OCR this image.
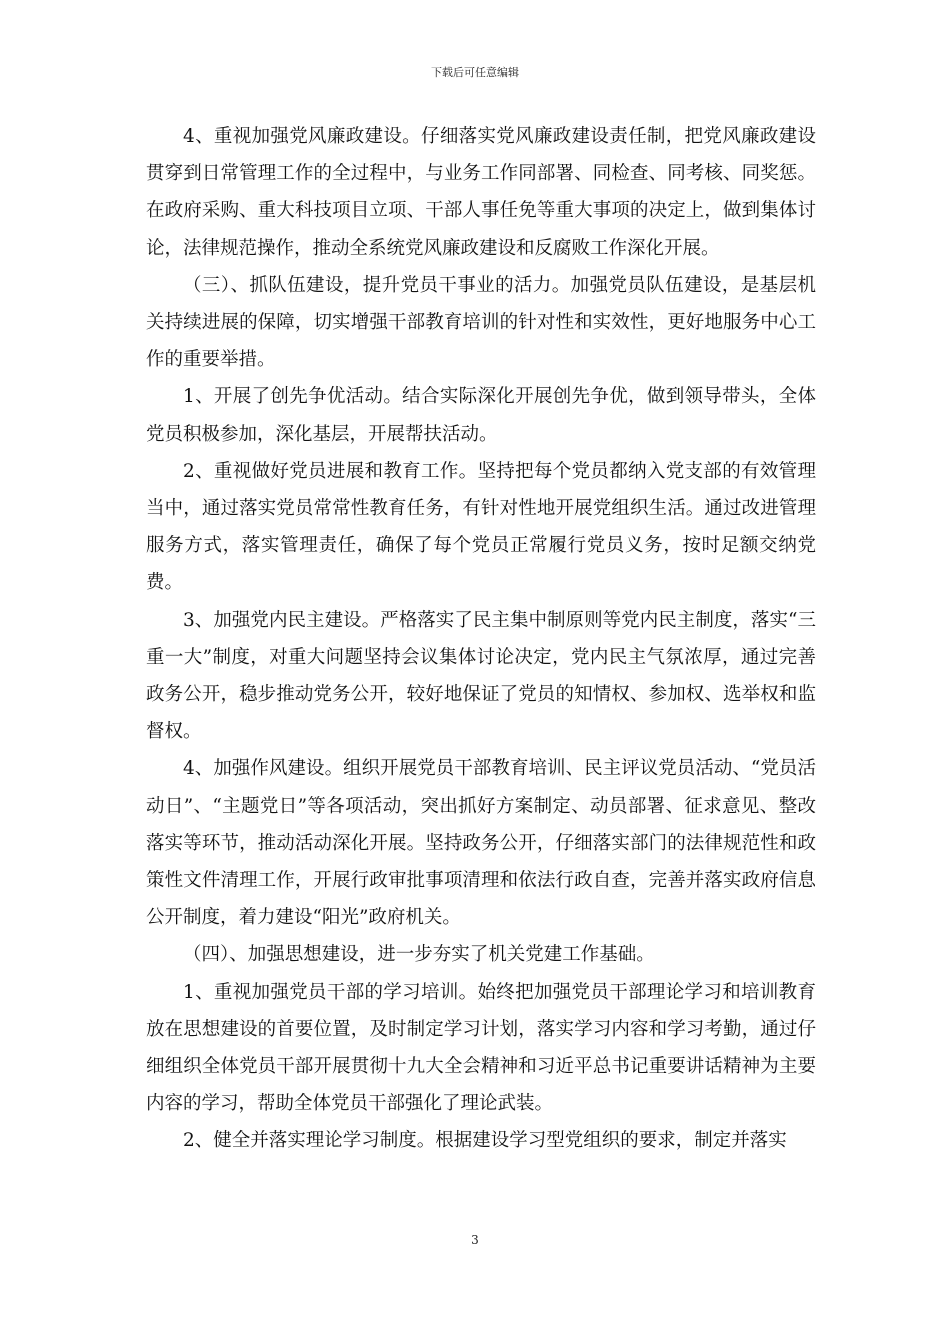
下载后可任意编辑

4、重视加强党风廉政建设。仔细落实党风廉政建设责任制，把党风廉政建设贯穿到日常管理工作的全过程中，与业务工作同部署、同检查、同考核、同奖惩。在政府采购、重大科技项目立项、干部人事任免等重大事项的决定上，做到集体讨论，法律规范操作，推动全系统党风廉政建设和反腐败工作深化开展。

（三）、抓队伍建设，提升党员干事业的活力。加强党员队伍建设，是基层机关持续进展的保障，切实增强干部教育培训的针对性和实效性，更好地服务中心工作的重要举措。

1、开展了创先争优活动。结合实际深化开展创先争优，做到领导带头，全体党员积极参加，深化基层，开展帮扶活动。

2、重视做好党员进展和教育工作。坚持把每个党员都纳入党支部的有效管理当中，通过落实党员常常性教育任务，有针对性地开展党组织生活。通过改进管理服务方式，落实管理责任，确保了每个党员正常履行党员义务，按时足额交纳党费。

3、加强党内民主建设。严格落实了民主集中制原则等党内民主制度，落实“三重一大”制度，对重大问题坚持会议集体讨论决定，党内民主气氛浓厚，通过完善政务公开，稳步推动党务公开，较好地保证了党员的知情权、参加权、选举权和监督权。

4、加强作风建设。组织开展党员干部教育培训、民主评议党员活动、“党员活动日”、“主题党日”等各项活动，突出抓好方案制定、动员部署、征求意见、整改落实等环节，推动活动深化开展。坚持政务公开，仔细落实部门的法律规范性和政策性文件清理工作，开展行政审批事项清理和依法行政自查，完善并落实政府信息公开制度，着力建设“阳光”政府机关。

（四）、加强思想建设，进一步夯实了机关党建工作基础。

1、重视加强党员干部的学习培训。始终把加强党员干部理论学习和培训教育放在思想建设的首要位置，及时制定学习计划，落实学习内容和学习考勤，通过仔细组织全体党员干部开展贯彻十九大全会精神和习近平总书记重要讲话精神为主要内容的学习，帮助全体党员干部强化了理论武装。

2、健全并落实理论学习制度。根据建设学习型党组织的要求，制定并落实

3
